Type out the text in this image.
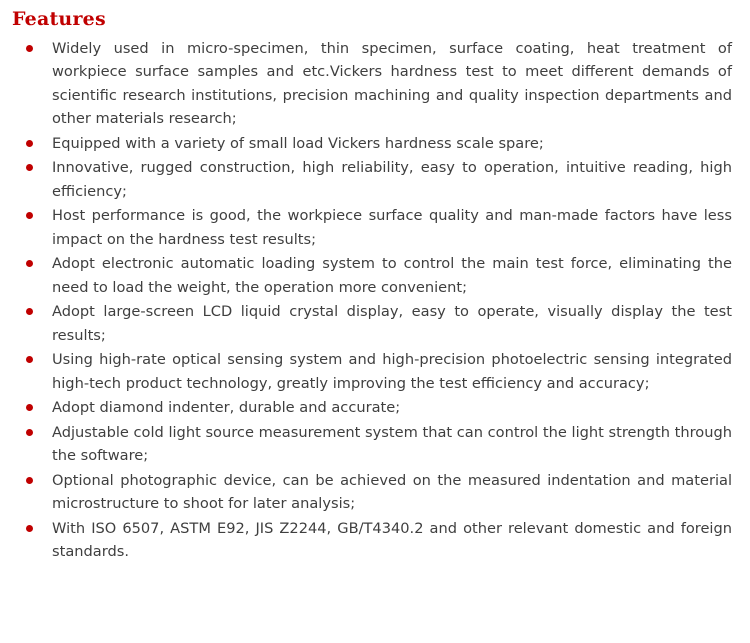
Features
Widely used in micro-specimen, thin specimen, surface coating, heat treatment of workpiece surface samples and etc.Vickers hardness test to meet different demands of scientific research institutions, precision machining and quality inspection departments and other materials research;
Equipped with a variety of small load Vickers hardness scale spare;
Innovative, rugged construction, high reliability, easy to operation, intuitive reading, high efficiency;
Host performance is good, the workpiece surface quality and man-made factors have less impact on the hardness test results;
Adopt electronic automatic loading system to control the main test force, eliminating the need to load the weight, the operation more convenient;
Adopt large-screen LCD liquid crystal display, easy to operate, visually display the test results;
Using high-rate optical sensing system and high-precision photoelectric sensing integrated high-tech product technology, greatly improving the test efficiency and accuracy;
Adopt diamond indenter, durable and accurate;
Adjustable cold light source measurement system that can control the light strength through the software;
Optional photographic device, can be achieved on the measured indentation and material microstructure to shoot for later analysis;
With ISO 6507, ASTM E92, JIS Z2244, GB/T4340.2 and other relevant domestic and foreign standards.
